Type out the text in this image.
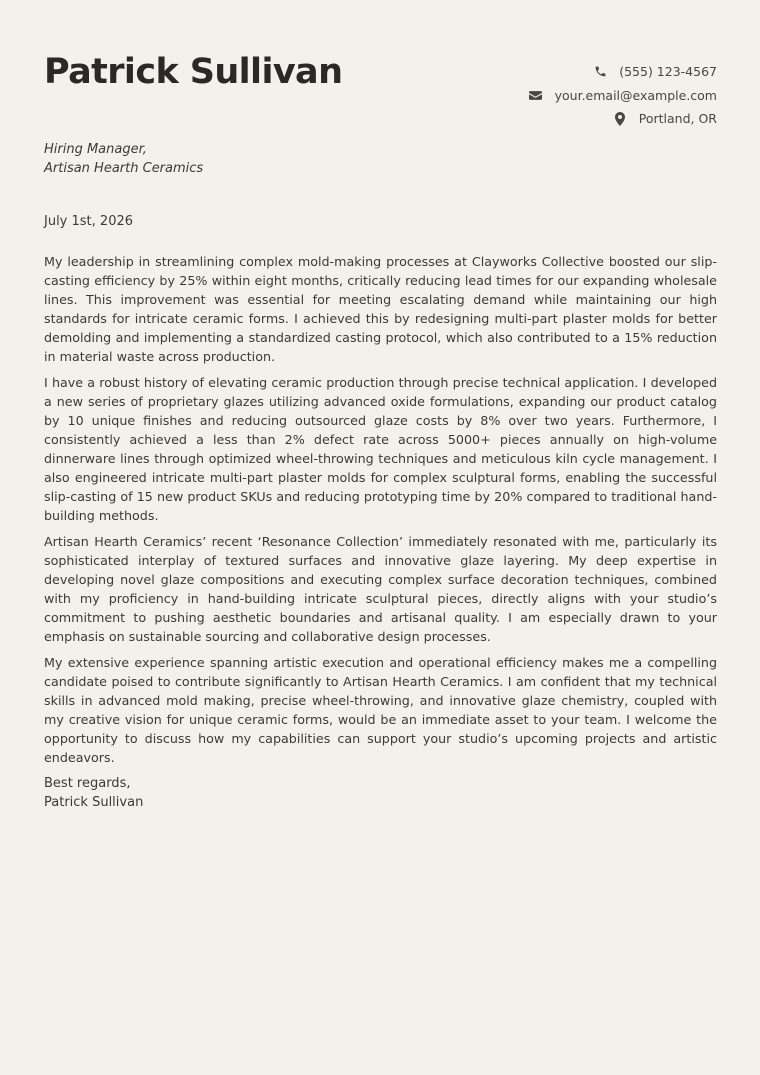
Patrick Sullivan	(555) 123-4567
your.email@example.com
Portland, OR
Hiring Manager,
Artisan Hearth Ceramics
July 1st, 2026

My leadership in streamlining complex mold-making processes at Clayworks Collective boosted our slip-casting efficiency by 25% within eight months, critically reducing lead times for our expanding wholesale lines. This improvement was essential for meeting escalating demand while maintaining our high standards for intricate ceramic forms. I achieved this by redesigning multi-part plaster molds for better demolding and implementing a standardized casting protocol, which also contributed to a 15% reduction in material waste across production.

I have a robust history of elevating ceramic production through precise technical application. I developed a new series of proprietary glazes utilizing advanced oxide formulations, expanding our product catalog by 10 unique finishes and reducing outsourced glaze costs by 8% over two years. Furthermore, I consistently achieved a less than 2% defect rate across 5000+ pieces annually on high-volume dinnerware lines through optimized wheel-throwing techniques and meticulous kiln cycle management. I also engineered intricate multi-part plaster molds for complex sculptural forms, enabling the successful slip-casting of 15 new product SKUs and reducing prototyping time by 20% compared to traditional hand-building methods.

Artisan Hearth Ceramics’ recent ‘Resonance Collection’ immediately resonated with me, particularly its sophisticated interplay of textured surfaces and innovative glaze layering. My deep expertise in developing novel glaze compositions and executing complex surface decoration techniques, combined with my proficiency in hand-building intricate sculptural pieces, directly aligns with your studio’s commitment to pushing aesthetic boundaries and artisanal quality. I am especially drawn to your emphasis on sustainable sourcing and collaborative design processes.

My extensive experience spanning artistic execution and operational efficiency makes me a compelling candidate poised to contribute significantly to Artisan Hearth Ceramics. I am confident that my technical skills in advanced mold making, precise wheel-throwing, and innovative glaze chemistry, coupled with my creative vision for unique ceramic forms, would be an immediate asset to your team. I welcome the opportunity to discuss how my capabilities can support your studio’s upcoming projects and artistic endeavors.

Best regards,
Patrick Sullivan
